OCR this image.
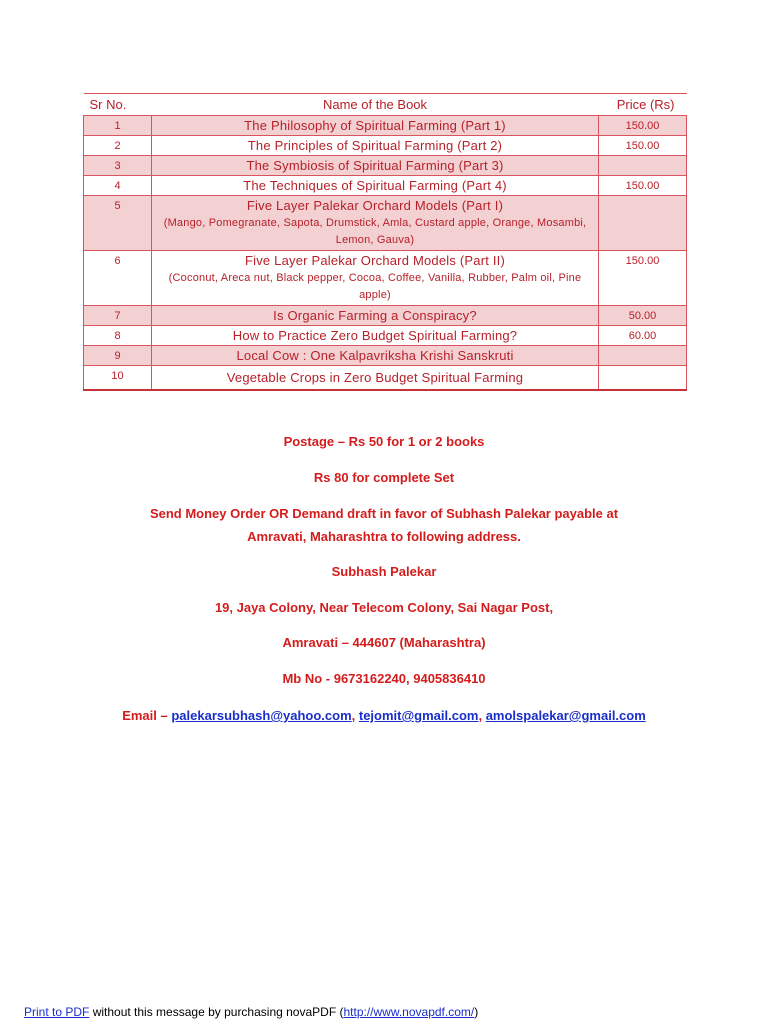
Sr No.	Name of the Book	Price (Rs)
1	The Philosophy of Spiritual Farming (Part 1)	150.00
2	The Principles of Spiritual Farming (Part 2)	150.00
3	The Symbiosis of Spiritual Farming (Part 3)	

4	The Techniques of Spiritual Farming (Part 4)	150.00
5	Five Layer Palekar Orchard Models (Part I)
(Mango, Pomegranate, Sapota, Drumstick, Amla, Custard apple, Orange, Mosambi, Lemon, Gauva)	

6	Five Layer Palekar Orchard Models (Part II)
(Coconut, Areca nut, Black pepper, Cocoa, Coffee, Vanilla, Rubber, Palm oil, Pine apple)	150.00
7	Is Organic Farming a Conspiracy?	50.00
8	How to Practice Zero Budget Spiritual Farming?	60.00
9	Local Cow : One Kalpavriksha Krishi Sanskruti	

10	Vegetable Crops in Zero Budget Spiritual Farming	

Postage – Rs 50 for 1 or 2 books
Rs 80 for complete Set
Send Money Order OR Demand draft in favor of Subhash Palekar payable at
Amravati, Maharashtra to following address.
Subhash Palekar
19, Jaya Colony, Near Telecom Colony, Sai Nagar Post,
Amravati – 444607 (Maharashtra)
Mb No - 9673162240, 9405836410
Email – palekarsubhash@yahoo.com, tejomit@gmail.com, amolspalekar@gmail.com
Print to PDF without this message by purchasing novaPDF (http://www.novapdf.com/)
